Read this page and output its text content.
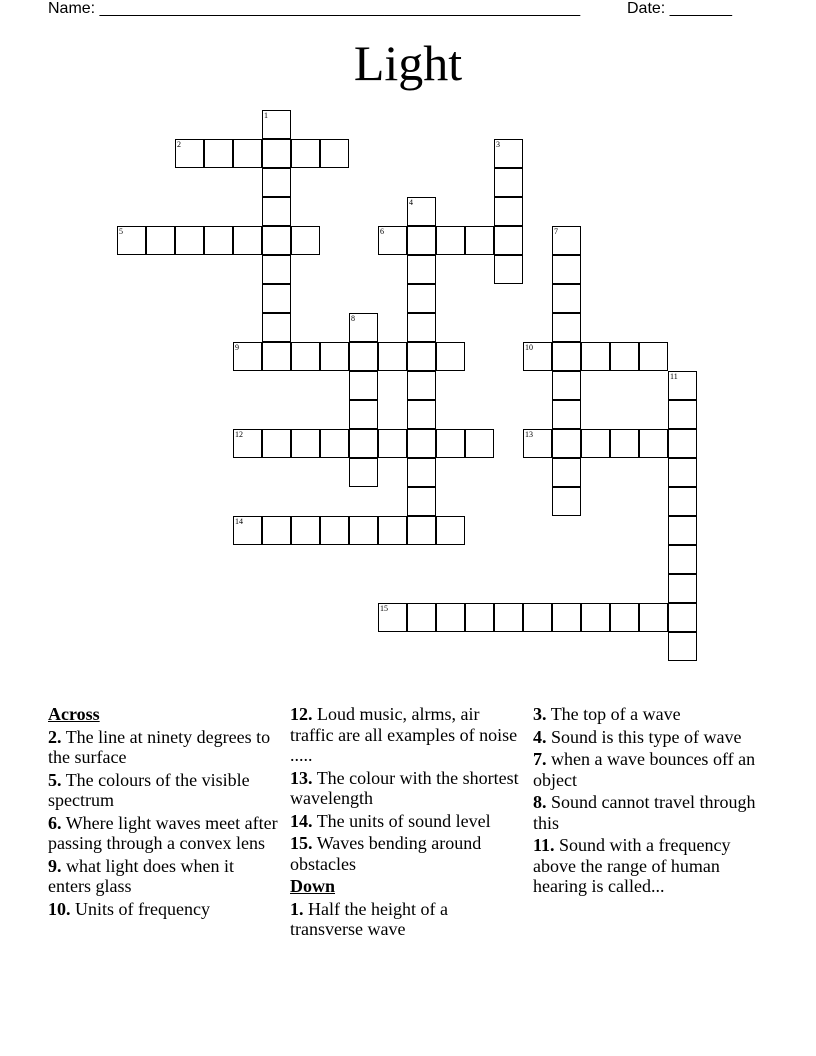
Name: ______________________________________________________	Date: _______
Light
2
5	6
9	10
12	13
14
15
1
3
4
7
8
11
Across
2. The line at ninety degrees to the surface
5. The colours of the visible spectrum
6. Where light waves meet after passing through a convex lens
9. what light does when it enters glass
10. Units of frequency
12. Loud music, alrms, air traffic are all examples of noise .....
13. The colour with the shortest wavelength
14. The units of sound level
15. Waves bending around obstacles
Down
1. Half the height of a transverse wave
3. The top of a wave
4. Sound is this type of wave
7. when a wave bounces off an object
8. Sound cannot travel through this
11. Sound with a frequency above the range of human hearing is called...
